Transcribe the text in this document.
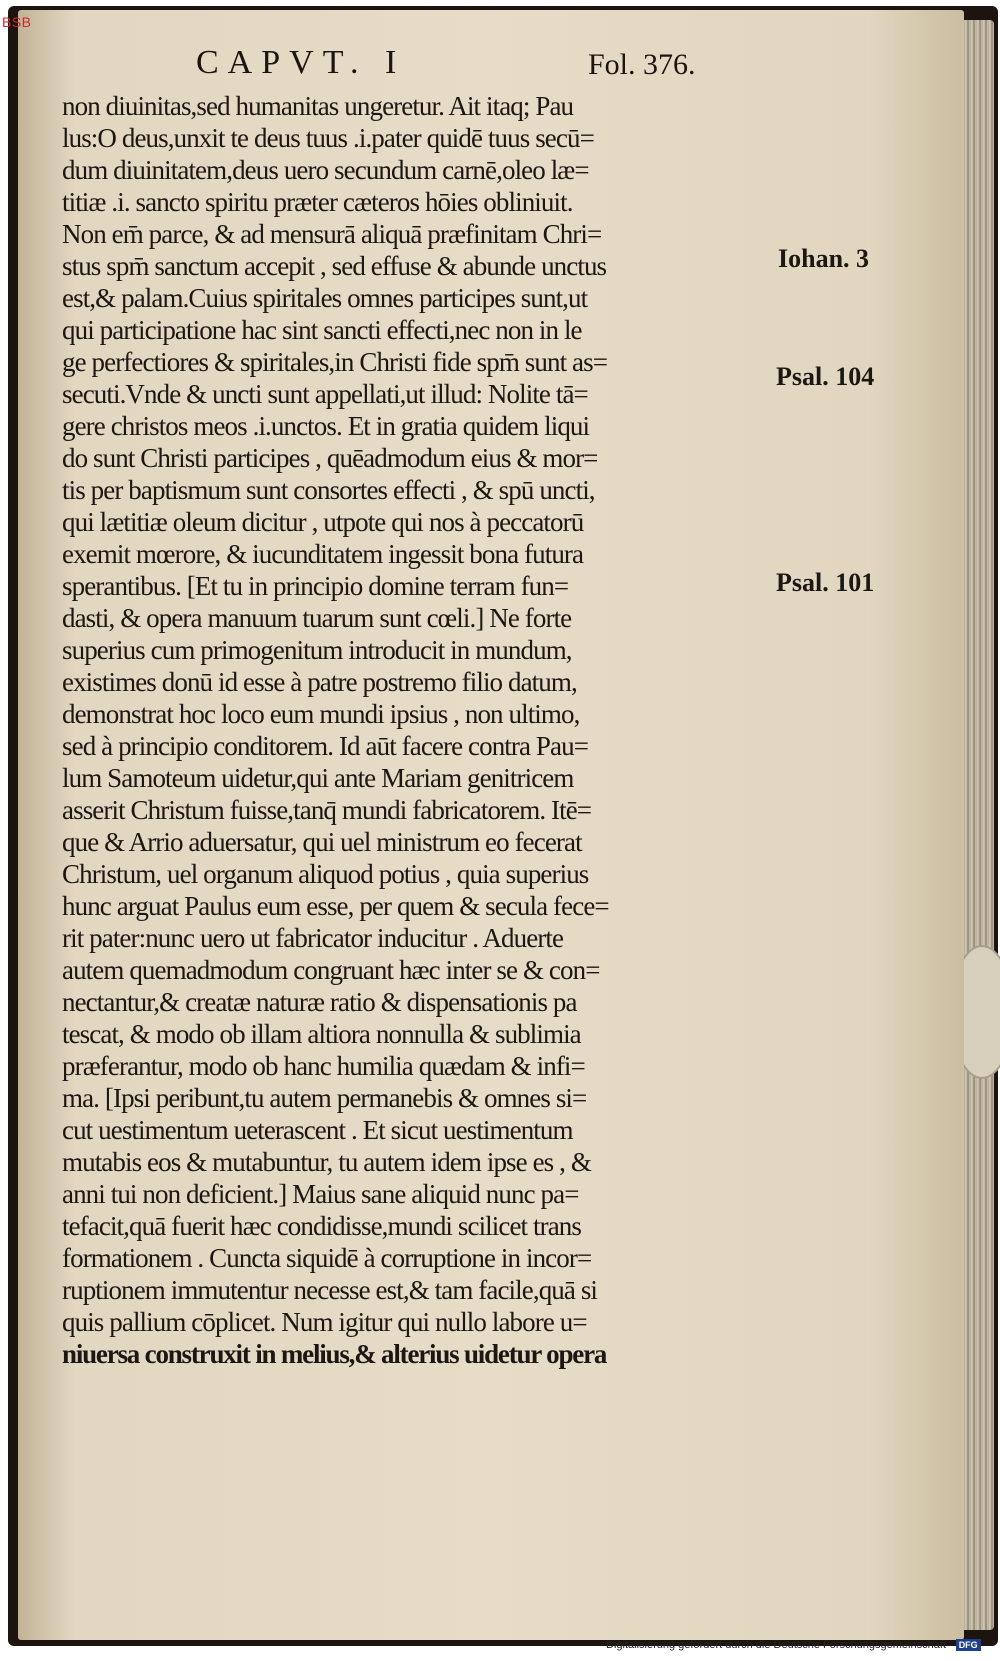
BSB
CAPVT. I	Fol. 376.
non diuinitas,sed humanitas ungeretur. Ait itaq; Pau
lus:O deus,unxit te deus tuus .i.pater quidē tuus secū=
dum diuinitatem,deus uero secundum carnē,oleo læ=
titiæ .i. sancto spiritu præter cæteros hōies obliniuit.
Non em̄ parce, & ad mensurā aliquā præfinitam Chri=
stus spm̄ sanctum accepit , sed effuse & abunde unctus
est,& palam.Cuius spiritales omnes participes sunt,ut
qui participatione hac sint sancti effecti,nec non in le
ge perfectiores & spiritales,in Christi fide spm̄ sunt as=
secuti.Vnde & uncti sunt appellati,ut illud: Nolite tā=
gere christos meos .i.unctos. Et in gratia quidem liqui
do sunt Christi participes , quēadmodum eius & mor=
tis per baptismum sunt consortes effecti , & spū uncti,
qui lætitiæ oleum dicitur , utpote qui nos à peccatorū
exemit mœrore, & iucunditatem ingessit bona futura
sperantibus. [Et tu in principio domine terram fun=
dasti, & opera manuum tuarum sunt cœli.] Ne forte
superius cum primogenitum introducit in mundum,
existimes donū id esse à patre postremo filio datum,
demonstrat hoc loco eum mundi ipsius , non ultimo,
sed à principio conditorem. Id aūt facere contra Pau=
lum Samoteum uidetur,qui ante Mariam genitricem
asserit Christum fuisse,tanq̄ mundi fabricatorem. Itē=
que & Arrio aduersatur, qui uel ministrum eo fecerat
Christum, uel organum aliquod potius , quia superius
hunc arguat Paulus eum esse, per quem & secula fece=
rit pater:nunc uero ut fabricator inducitur . Aduerte
autem quemadmodum congruant hæc inter se & con=
nectantur,& creatæ naturæ ratio & dispensationis pa
tescat, & modo ob illam altiora nonnulla & sublimia
præferantur, modo ob hanc humilia quædam & infi=
ma. [Ipsi peribunt,tu autem permanebis & omnes si=
cut uestimentum ueterascent . Et sicut uestimentum
mutabis eos & mutabuntur, tu autem idem ipse es , &
anni tui non deficient.] Maius sane aliquid nunc pa=
tefacit,quā fuerit hæc condidisse,mundi scilicet trans
formationem . Cuncta siquidē à corruptione in incor=
ruptionem immutentur necesse est,& tam facile,quā si
quis pallium cōplicet. Num igitur qui nullo labore u=
niuersa construxit in melius,& alterius uidetur opera
Iohan. 3
Psal. 104
Psal. 101
Digitalisierung gefördert durch die Deutsche Forschungsgemeinschaft - DFG
